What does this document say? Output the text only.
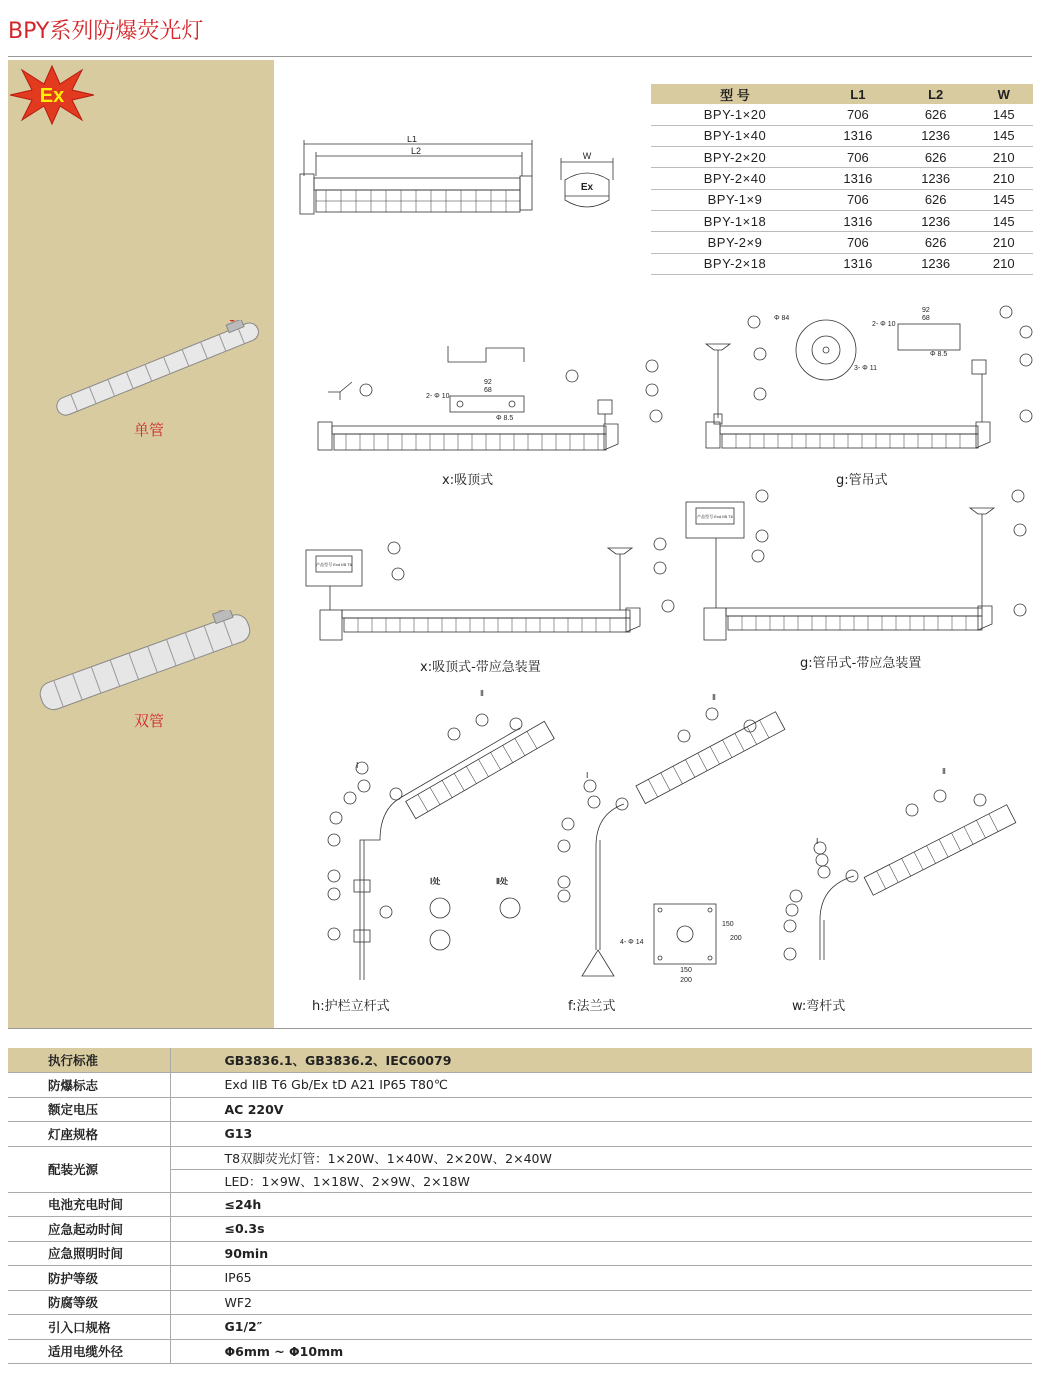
BPY系列防爆荧光灯
Ex
单管
双管
L1
L2	W
Ex
型 号	L1	L2	W
BPY-1×20	706	626	145
BPY-1×40	1316	1236	145
BPY-2×20	706	626	210
BPY-2×40	1316	1236	210
BPY-1×9	706	626	145
BPY-1×18	1316	1236	145
BPY-2×9	706	626	210
BPY-2×18	1316	1236	210
2- Φ 10
92
68
Φ 8.5
x:吸顶式
Φ 84
3- Φ 11
2- Φ 10
92
68
Φ 8.5
g:管吊式
产品型号 Exd IIB T6
x:吸顶式-带应急装置
产品型号 Exd IIB T6
g:管吊式-带应急装置
Ⅰ
Ⅱ
Ⅰ处	Ⅱ处
h:护栏立杆式
Ⅰ
Ⅱ
4- Φ 14
150
200
150
200
f:法兰式
Ⅰ
Ⅱ
w:弯杆式
执行标准	GB3836.1、GB3836.2、IEC60079
防爆标志	Exd IIB T6 Gb/Ex tD A21 IP65 T80℃
额定电压	AC 220V
灯座规格	G13
配装光源	T8双脚荧光灯管：1×20W、1×40W、2×20W、2×40W
	LED：1×9W、1×18W、2×9W、2×18W
电池充电时间	≤24h
应急起动时间	≤0.3s
应急照明时间	90min
防护等级	IP65
防腐等级	WF2
引入口规格	G1/2″
适用电缆外径	Φ6mm ~ Φ10mm
